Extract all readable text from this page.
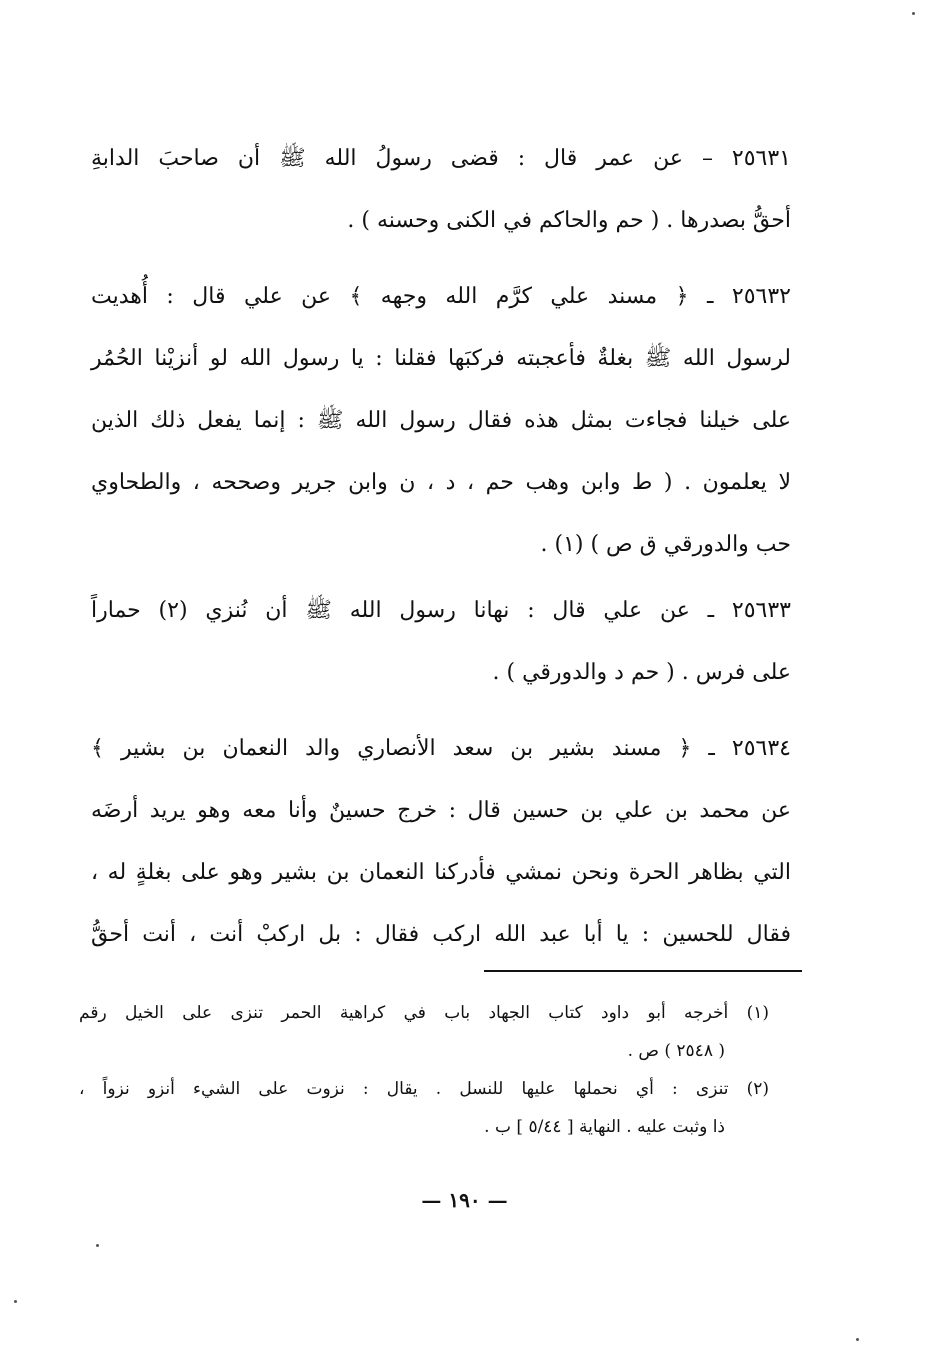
٢٥٦٣١ – عن عمر قال : قضى رسولُ الله ﷺ أن صاحبَ الدابةِ
أحقُّ بصدرها . ( حم والحاكم في الكنى وحسنه ) .
٢٥٦٣٢ ـ ﴿ مسند علي كرَّم الله وجهه ﴾ عن علي قال : أُهديت
لرسول الله ﷺ بغلةٌ فأعجبته فركبَها فقلنا : يا رسول الله لو أنزيْنا الحُمُر
على خيلنا فجاءت بمثل هذه فقال رسول الله ﷺ : إنما يفعل ذلك الذين
لا يعلمون . ( ط وابن وهب حم ، د ، ن وابن جرير وصححه ، والطحاوي
حب والدورقي ق ص ) (١) .
٢٥٦٣٣ ـ عن علي قال : نهانا رسول الله ﷺ أن نُنزي (٢) حماراً
على فرس . ( حم د والدورقي ) .
٢٥٦٣٤ ـ ﴿ مسند بشير بن سعد الأنصاري والد النعمان بن بشير ﴾
عن محمد بن علي بن حسين قال : خرج حسينٌ وأنا معه وهو يريد أرضَه
التي بظاهر الحرة ونحن نمشي فأدركنا النعمان بن بشير وهو على بغلةٍ له ،
فقال للحسين : يا أبا عبد الله اركب فقال : بل اركبْ أنت ، أنت أحقُّ
(١) أخرجه أبو داود كتاب الجهاد باب في كراهية الحمر تنزى على الخيل رقم
( ٢٥٤٨ ) ص .
(٢) تنزى : أي نحملها عليها للنسل . يقال : نزوت على الشيء أنزو نزواً ،
ذا وثبت عليه . النهاية [ ٥/٤٤ ] ب .
— ١٩٠ —
